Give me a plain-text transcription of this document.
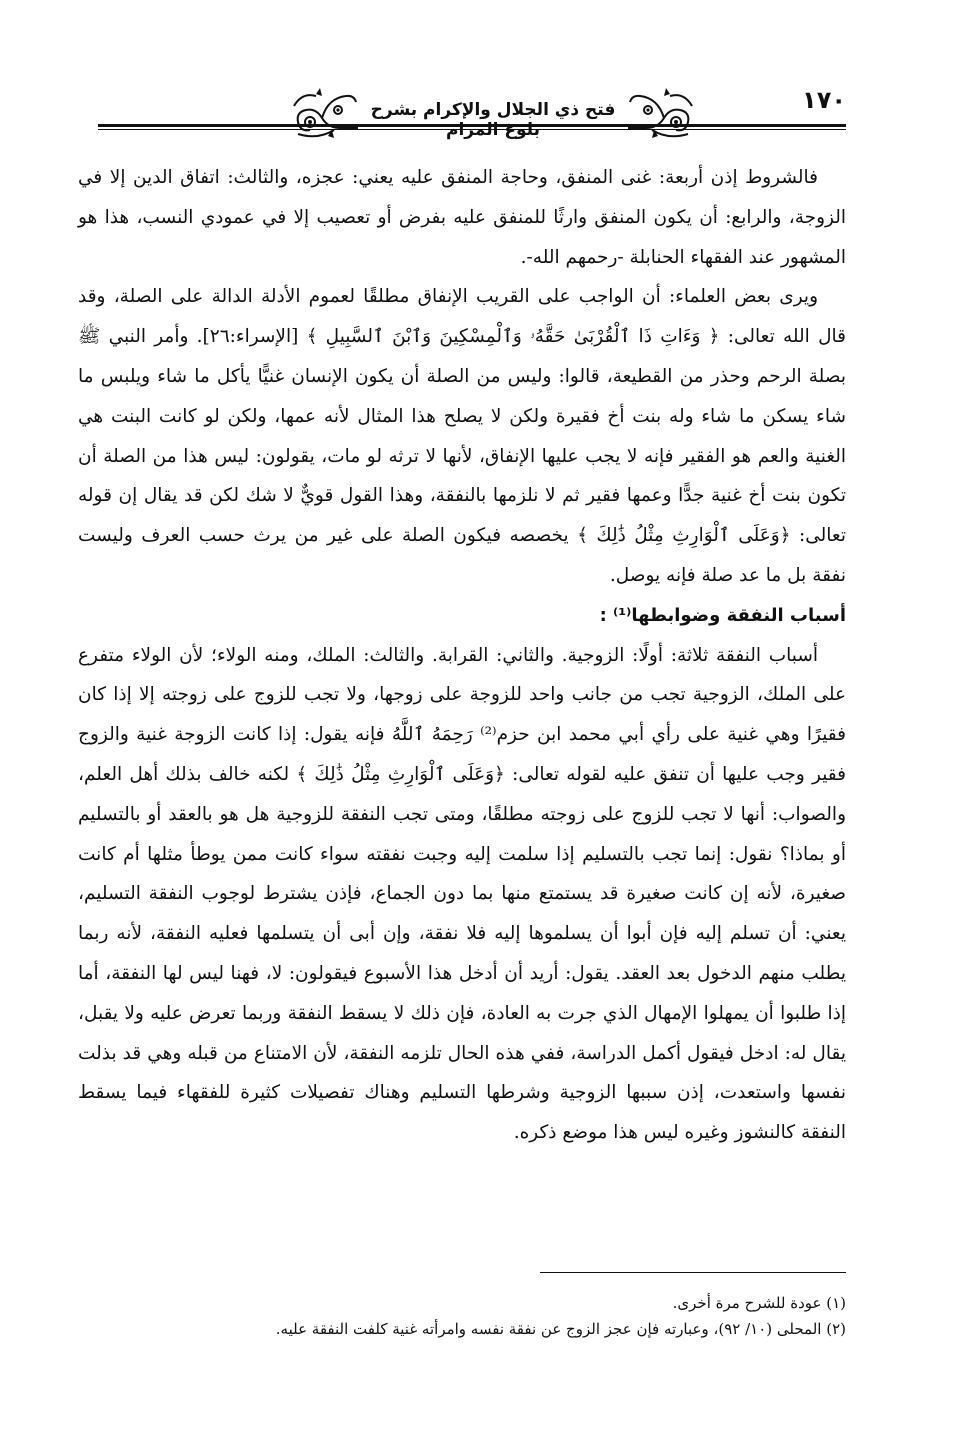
فتح ذي الجلال والإكرام بشرح بلوغ المرام
١٧٠

فالشروط إذن أربعة: غنى المنفق، وحاجة المنفق عليه يعني: عجزه، والثالث: اتفاق الدين إلا في الزوجة، والرابع: أن يكون المنفق وارثًا للمنفق عليه بفرض أو تعصيب إلا في عمودي النسب، هذا هو المشهور عند الفقهاء الحنابلة -رحمهم الله-.

ويرى بعض العلماء: أن الواجب على القريب الإنفاق مطلقًا لعموم الأدلة الدالة على الصلة، وقد قال الله تعالى: ﴿ وَءَاتِ ذَا ٱلْقُرْبَىٰ حَقَّهُۥ وَٱلْمِسْكِينَ وَٱبْنَ ٱلسَّبِيلِ ﴾ [الإسراء:٢٦]. وأمر النبي ﷺ بصلة الرحم وحذر من القطيعة، قالوا: وليس من الصلة أن يكون الإنسان غنيًّا يأكل ما شاء ويلبس ما شاء يسكن ما شاء وله بنت أخ فقيرة ولكن لا يصلح هذا المثال لأنه عمها، ولكن لو كانت البنت هي الغنية والعم هو الفقير فإنه لا يجب عليها الإنفاق، لأنها لا ترثه لو مات، يقولون: ليس هذا من الصلة أن تكون بنت أخ غنية جدًّا وعمها فقير ثم لا نلزمها بالنفقة، وهذا القول قويٌّ لا شك لكن قد يقال إن قوله تعالى: ﴿وَعَلَى ٱلْوَارِثِ مِثْلُ ذَٰلِكَ ﴾ يخصصه فيكون الصلة على غير من يرث حسب العرف وليست نفقة بل ما عد صلة فإنه يوصل.

أسباب النفقة وضوابطها⁽¹⁾ :

أسباب النفقة ثلاثة: أولًا: الزوجية. والثاني: القرابة. والثالث: الملك، ومنه الولاء؛ لأن الولاء متفرع على الملك، الزوجية تجب من جانب واحد للزوجة على زوجها، ولا تجب للزوج على زوجته إلا إذا كان فقيرًا وهي غنية على رأي أبي محمد ابن حزم⁽²⁾ رَحِمَهُ ٱللَّهُ فإنه يقول: إذا كانت الزوجة غنية والزوج فقير وجب عليها أن تنفق عليه لقوله تعالى: ﴿وَعَلَى ٱلْوَارِثِ مِثْلُ ذَٰلِكَ ﴾ لكنه خالف بذلك أهل العلم، والصواب: أنها لا تجب للزوج على زوجته مطلقًا، ومتى تجب النفقة للزوجية هل هو بالعقد أو بالتسليم أو بماذا؟ نقول: إنما تجب بالتسليم إذا سلمت إليه وجبت نفقته سواء كانت ممن يوطأ مثلها أم كانت صغيرة، لأنه إن كانت صغيرة قد يستمتع منها بما دون الجماع، فإذن يشترط لوجوب النفقة التسليم، يعني: أن تسلم إليه فإن أبوا أن يسلموها إليه فلا نفقة، وإن أبى أن يتسلمها فعليه النفقة، لأنه ربما يطلب منهم الدخول بعد العقد. يقول: أريد أن أدخل هذا الأسبوع فيقولون: لا، فهنا ليس لها النفقة، أما إذا طلبوا أن يمهلوا الإمهال الذي جرت به العادة، فإن ذلك لا يسقط النفقة وربما تعرض عليه ولا يقبل، يقال له: ادخل فيقول أكمل الدراسة، ففي هذه الحال تلزمه النفقة، لأن الامتناع من قبله وهي قد بذلت نفسها واستعدت، إذن سببها الزوجية وشرطها التسليم وهناك تفصيلات كثيرة للفقهاء فيما يسقط النفقة كالنشوز وغيره ليس هذا موضع ذكره.

(١) عودة للشرح مرة أخرى.

(٢) المحلى (١٠/ ٩٢)، وعبارته فإن عجز الزوج عن نفقة نفسه وامرأته غنية كلفت النفقة عليه.
